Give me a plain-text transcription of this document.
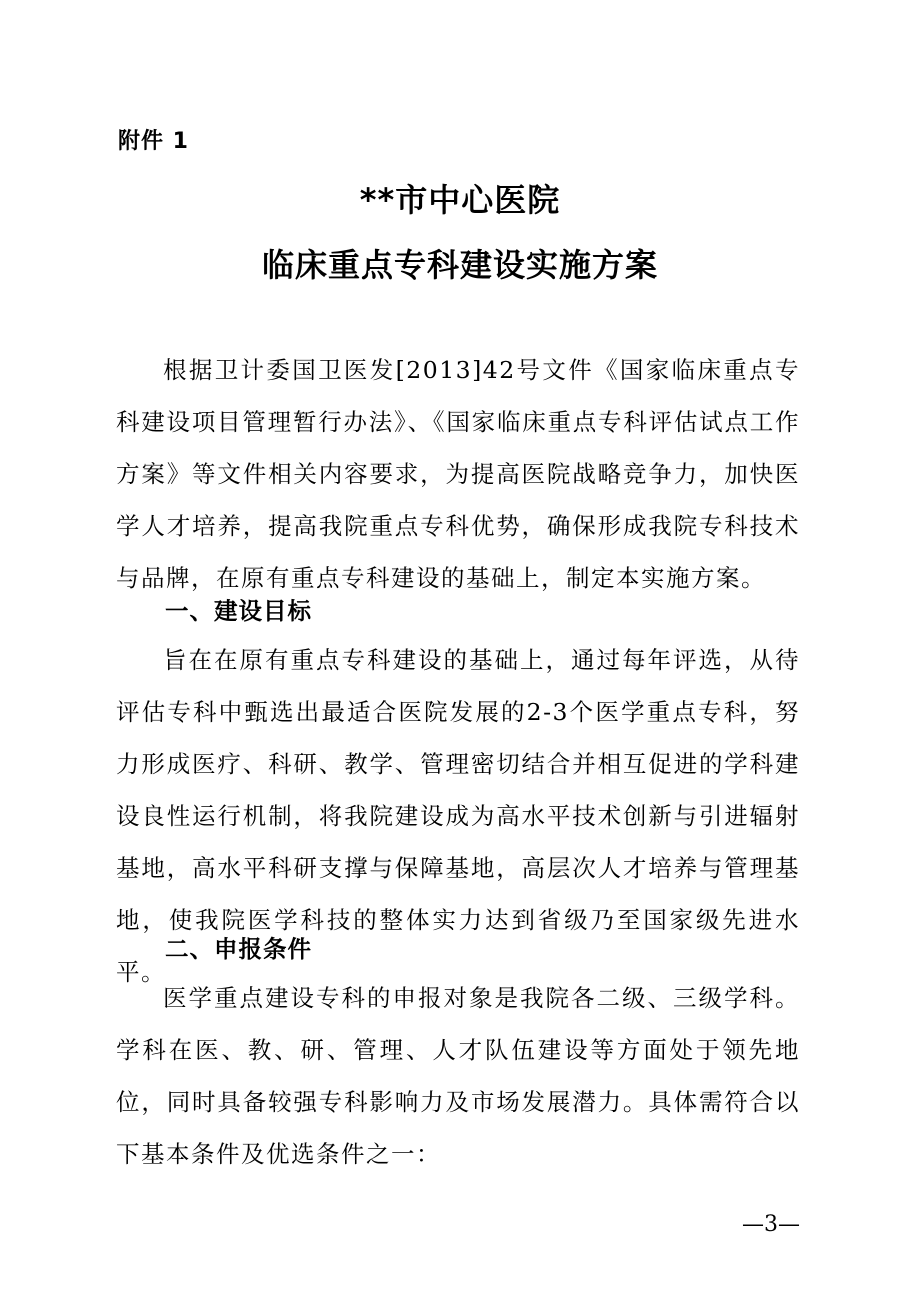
附件 1
**市中心医院
临床重点专科建设实施方案
根据卫计委国卫医发[2013]42号文件《国家临床重点专科建设项目管理暂行办法》、《国家临床重点专科评估试点工作方案》等文件相关内容要求，为提高医院战略竞争力，加快医学人才培养，提高我院重点专科优势，确保形成我院专科技术与品牌，在原有重点专科建设的基础上，制定本实施方案。
一、建设目标
旨在在原有重点专科建设的基础上，通过每年评选，从待评估专科中甄选出最适合医院发展的2-3个医学重点专科，努力形成医疗、科研、教学、管理密切结合并相互促进的学科建设良性运行机制，将我院建设成为高水平技术创新与引进辐射基地，高水平科研支撑与保障基地，高层次人才培养与管理基地，使我院医学科技的整体实力达到省级乃至国家级先进水平。
二、申报条件
医学重点建设专科的申报对象是我院各二级、三级学科。学科在医、教、研、管理、人才队伍建设等方面处于领先地位，同时具备较强专科影响力及市场发展潜力。具体需符合以下基本条件及优选条件之一：
—3—
